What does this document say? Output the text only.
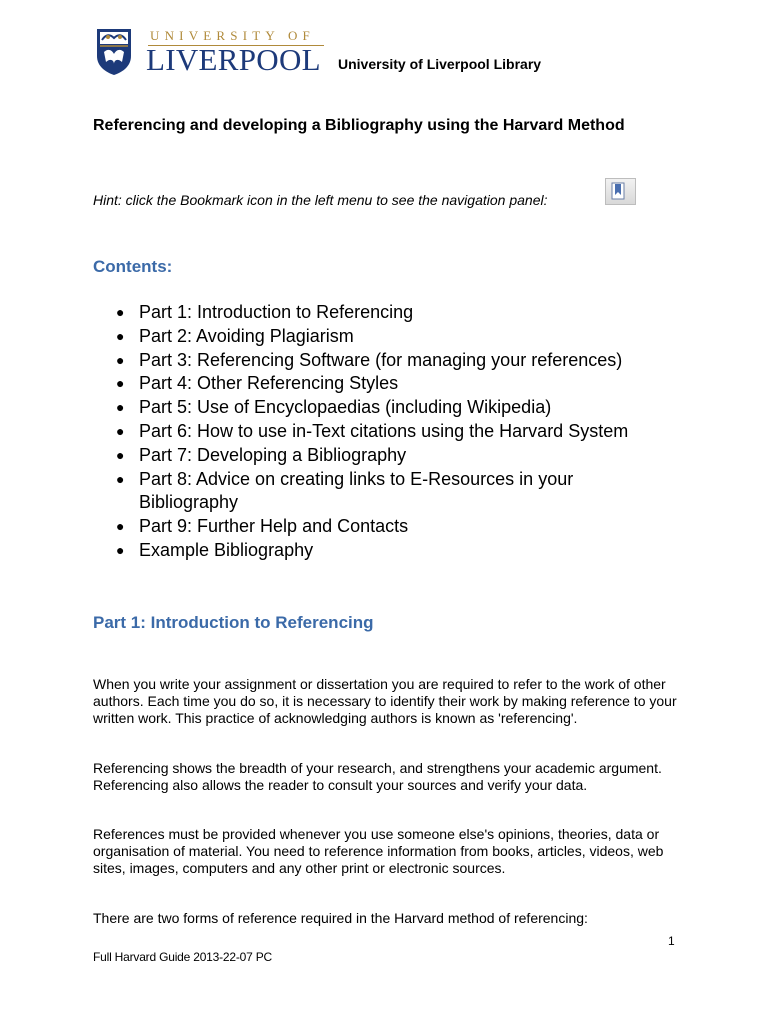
UNIVERSITY OF
LIVERPOOL University of Liverpool Library
Referencing and developing a Bibliography using the Harvard Method
Hint: click the Bookmark icon in the left menu to see the navigation panel:
Contents:
● Part 1: Introduction to Referencing
● Part 2: Avoiding Plagiarism
● Part 3: Referencing Software (for managing your references)
● Part 4: Other Referencing Styles
● Part 5: Use of Encyclopaedias (including Wikipedia)
● Part 6: How to use in-Text citations using the Harvard System
● Part 7: Developing a Bibliography
● Part 8: Advice on creating links to E-Resources in your Bibliography
● Part 9: Further Help and Contacts
● Example Bibliography
Part 1: Introduction to Referencing

When you write your assignment or dissertation you are required to refer to the work of other authors. Each time you do so, it is necessary to identify their work by making reference to your written work. This practice of acknowledging authors is known as 'referencing'.

Referencing shows the breadth of your research, and strengthens your academic argument. Referencing also allows the reader to consult your sources and verify your data.

References must be provided whenever you use someone else's opinions, theories, data or organisation of material. You need to reference information from books, articles, videos, web sites, images, computers and any other print or electronic sources.

There are two forms of reference required in the Harvard method of referencing:

1
Full Harvard Guide 2013-22-07 PC
